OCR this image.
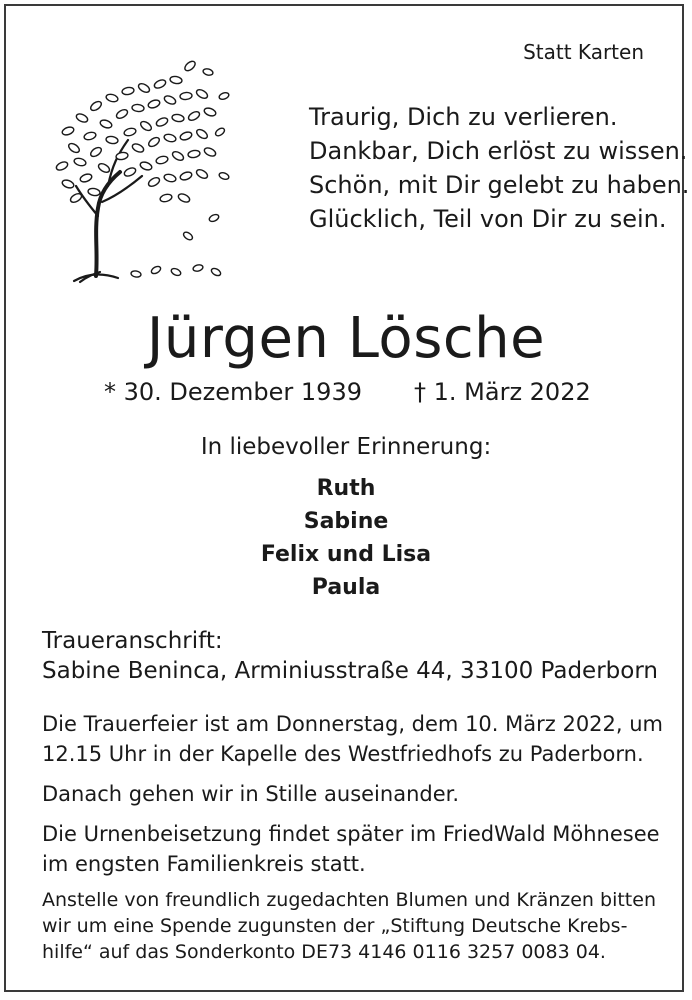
Statt Karten
Traurig, Dich zu verlieren.
Dankbar, Dich erlöst zu wissen.
Schön, mit Dir gelebt zu haben.
Glücklich, Teil von Dir zu sein.
Jürgen Lösche
* 30. Dezember 1939 † 1. März 2022
In liebevoller Erinnerung:
Ruth
Sabine
Felix und Lisa
Paula
Traueranschrift:
Sabine Beninca, Arminiusstraße 44, 33100 Paderborn
Die Trauerfeier ist am Donnerstag, dem 10. März 2022, um
12.15 Uhr in der Kapelle des Westfriedhofs zu Paderborn.
Danach gehen wir in Stille auseinander.
Die Urnenbeisetzung findet später im FriedWald Möhnesee
im engsten Familienkreis statt.
Anstelle von freundlich zugedachten Blumen und Kränzen bitten
wir um eine Spende zugunsten der „Stiftung Deutsche Krebs-
hilfe“ auf das Sonderkonto DE73 4146 0116 3257 0083 04.
